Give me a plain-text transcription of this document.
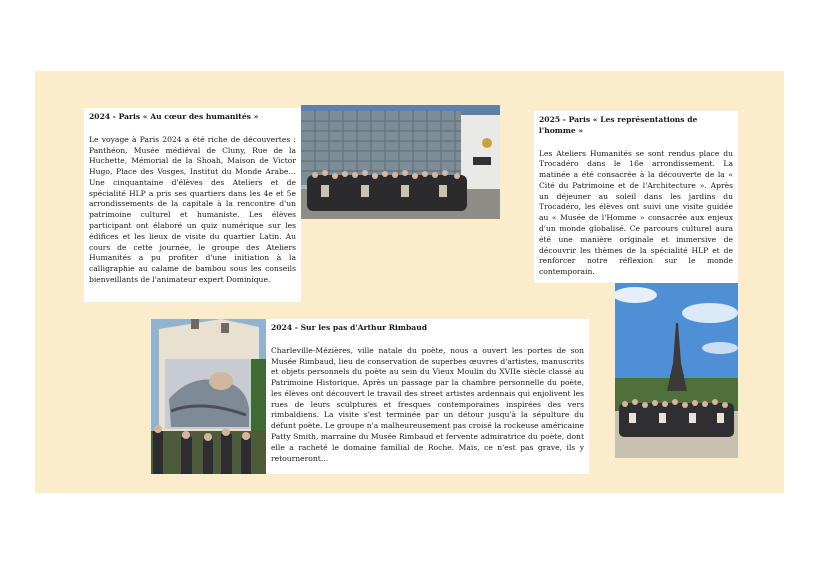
2024 - Paris « Au cœur des humanités »

Le voyage à Paris 2024 a été riche de découvertes : Panthéon, Musée médiéval de Cluny, Rue de la Huchette, Mémorial de la Shoah, Maison de Victor Hugo, Place des Vosges, Institut du Monde Arabe… Une cinquantaine d'élèves des Ateliers et de spécialité HLP a pris ses quartiers dans les 4e et 5e arrondissements de la capitale à la rencontre d'un patrimoine culturel et humaniste. Les élèves participant ont élaboré un quiz numérique sur les édifices et les lieux de visite du quartier Latin. Au cours de cette journée, le groupe des Ateliers Humanités a pu profiter d'une initiation à la calligraphie au calame de bambou sous les conseils bienveillants de l'animateur expert Dominique.

2025 - Paris « Les représentations de l'homme »

Les Ateliers Humanités se sont rendus place du Trocadéro dans le 16e arrondissement. La matinée a été consacrée à la découverte de la « Cité du Patrimoine et de l'Architecture ». Après un déjeuner au soleil dans les jardins du Trocadéro, les élèves ont suivi une visite guidée au « Musée de l'Homme » consacrée aux enjeux d'un monde globalisé. Ce parcours culturel aura été une manière originale et immersive de découvrir les thèmes de la spécialité HLP et de renforcer notre réflexion sur le monde contemporain.

2024 - Sur les pas d'Arthur Rimbaud

Charleville-Mézières, ville natale du poète, nous a ouvert les portes de son Musée Rimbaud, lieu de conservation de superbes œuvres d'artistes, manuscrits et objets personnels du poète au sein du Vieux Moulin du XVIIe siècle classé au Patrimoine Historique. Après un passage par la chambre personnelle du poète, les élèves ont découvert le travail des street artistes ardennais qui enjolivent les rues de leurs sculptures et fresques contemporaines inspirées des vers rimbaldiens. La visite s'est terminée par un détour jusqu'à la sépulture du défunt poète. Le groupe n'a malheureusement pas croisé la rockeuse américaine Patty Smith, marraine du Musée Rimbaud et fervente admiratrice du poète, dont elle a racheté le domaine familial de Roche. Mais, ce n'est pas grave, ils y retourneront…
